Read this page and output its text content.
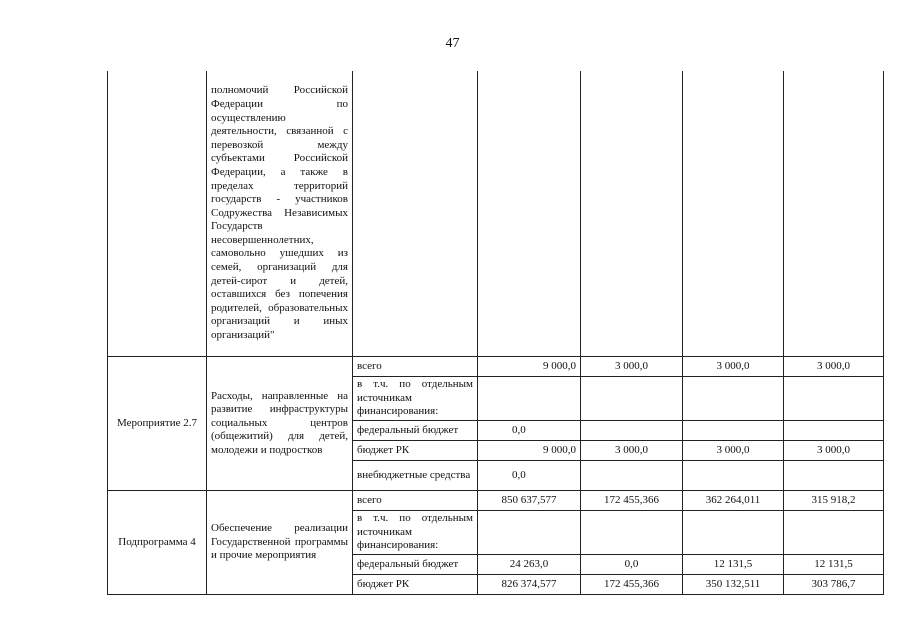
47
	полномочий Российской Федерации по осуществлению деятельности, связанной с перевозкой между субъектами Российской Федерации, а также в пределах территорий государств - участников Содружества Независимых Государств несовершеннолетних, самовольно ушедших из семей, организаций для детей-сирот и детей, оставшихся без попечения родителей, образовательных организаций и иных организаций"					
Мероприятие 2.7	Расходы, направленные на развитие инфраструктуры социальных центров (общежитий) для детей, молодежи и подростков	всего	9 000,0	3 000,0	3 000,0	3 000,0
		в т.ч. по отдельным источникам финансирования:				
		федеральный бюджет	0,0			
		бюджет РК	9 000,0	3 000,0	3 000,0	3 000,0
		внебюджетные средства	0,0			
Подпрограмма 4	Обеспечение реализации Государственной программы и прочие мероприятия	всего	850 637,577	172 455,366	362 264,011	315 918,2
		в т.ч. по отдельным источникам финансирования:				
		федеральный бюджет	24 263,0	0,0	12 131,5	12 131,5
		бюджет РК	826 374,577	172 455,366	350 132,511	303 786,7
